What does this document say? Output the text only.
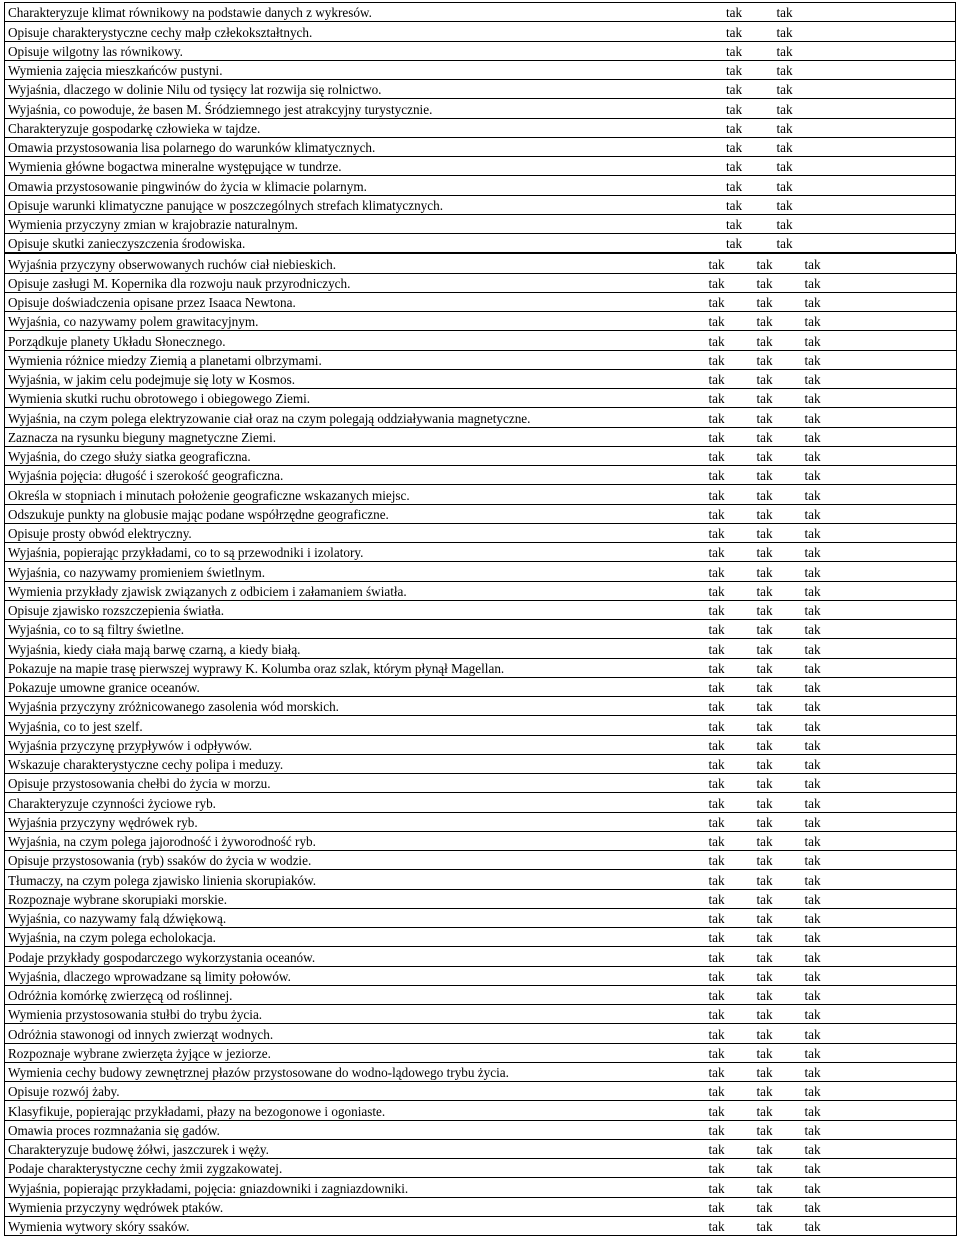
Charakteryzuje klimat równikowy na podstawie danych z wykresów.	tak	tak	
Opisuje charakterystyczne cechy małp człekokształtnych.	tak	tak	
Opisuje wilgotny las równikowy.	tak	tak	
Wymienia zajęcia mieszkańców pustyni.	tak	tak	
Wyjaśnia, dlaczego w dolinie Nilu od tysięcy lat rozwija się rolnictwo.	tak	tak	
Wyjaśnia, co powoduje, że basen M. Śródziemnego jest atrakcyjny turystycznie.	tak	tak	
Charakteryzuje gospodarkę człowieka w tajdze.	tak	tak	
Omawia przystosowania lisa polarnego do warunków klimatycznych.	tak	tak	
Wymienia główne bogactwa mineralne występujące w tundrze.	tak	tak	
Omawia przystosowanie pingwinów do życia w klimacie polarnym.	tak	tak	
Opisuje warunki klimatyczne panujące w poszczególnych strefach klimatycznych.	tak	tak	
Wymienia przyczyny zmian w krajobrazie naturalnym.	tak	tak	
Opisuje skutki zanieczyszczenia środowiska.	tak	tak	
Wyjaśnia przyczyny obserwowanych ruchów ciał niebieskich.	tak	tak	tak	
Opisuje zasługi M. Kopernika dla rozwoju nauk przyrodniczych.	tak	tak	tak	
Opisuje doświadczenia opisane przez Isaaca Newtona.	tak	tak	tak	
Wyjaśnia, co nazywamy polem grawitacyjnym.	tak	tak	tak	
Porządkuje planety Układu Słonecznego.	tak	tak	tak	
Wymienia różnice miedzy Ziemią a planetami olbrzymami.	tak	tak	tak	
Wyjaśnia, w jakim celu podejmuje się loty w Kosmos.	tak	tak	tak	
Wymienia skutki ruchu obrotowego i obiegowego Ziemi.	tak	tak	tak	
Wyjaśnia, na czym polega elektryzowanie ciał oraz na czym polegają oddziaływania magnetyczne.	tak	tak	tak	
Zaznacza na rysunku bieguny magnetyczne Ziemi.	tak	tak	tak	
Wyjaśnia, do czego służy siatka geograficzna.	tak	tak	tak	
Wyjaśnia pojęcia: długość i szerokość geograficzna.	tak	tak	tak	
Określa w stopniach i minutach położenie geograficzne wskazanych miejsc.	tak	tak	tak	
Odszukuje punkty na globusie mając podane współrzędne geograficzne.	tak	tak	tak	
Opisuje prosty obwód elektryczny.	tak	tak	tak	
Wyjaśnia, popierając przykładami, co to są przewodniki i izolatory.	tak	tak	tak	
Wyjaśnia, co nazywamy promieniem świetlnym.	tak	tak	tak	
Wymienia przykłady zjawisk związanych z odbiciem i załamaniem światła.	tak	tak	tak	
Opisuje zjawisko rozszczepienia światła.	tak	tak	tak	
Wyjaśnia, co to są filtry świetlne.	tak	tak	tak	
Wyjaśnia, kiedy ciała mają barwę czarną, a kiedy białą.	tak	tak	tak	
Pokazuje na mapie trasę pierwszej wyprawy K. Kolumba oraz szlak, którym płynął Magellan.	tak	tak	tak	
Pokazuje umowne granice oceanów.	tak	tak	tak	
Wyjaśnia przyczyny zróżnicowanego zasolenia wód morskich.	tak	tak	tak	
Wyjaśnia, co to jest szelf.	tak	tak	tak	
Wyjaśnia przyczynę przypływów i odpływów.	tak	tak	tak	
Wskazuje charakterystyczne cechy polipa i meduzy.	tak	tak	tak	
Opisuje przystosowania chełbi do życia w morzu.	tak	tak	tak	
Charakteryzuje czynności życiowe ryb.	tak	tak	tak	
Wyjaśnia przyczyny wędrówek ryb.	tak	tak	tak	
Wyjaśnia, na czym polega jajorodność i żyworodność ryb.	tak	tak	tak	
Opisuje przystosowania (ryb) ssaków do życia w wodzie.	tak	tak	tak	
Tłumaczy, na czym polega zjawisko linienia skorupiaków.	tak	tak	tak	
Rozpoznaje wybrane skorupiaki morskie.	tak	tak	tak	
Wyjaśnia, co nazywamy falą dźwiękową.	tak	tak	tak	
Wyjaśnia, na czym polega echolokacja.	tak	tak	tak	
Podaje przykłady gospodarczego wykorzystania oceanów.	tak	tak	tak	
Wyjaśnia, dlaczego wprowadzane są limity połowów.	tak	tak	tak	
Odróżnia komórkę zwierzęcą od roślinnej.	tak	tak	tak	
Wymienia przystosowania stułbi do trybu życia.	tak	tak	tak	
Odróżnia stawonogi od innych zwierząt wodnych.	tak	tak	tak	
Rozpoznaje wybrane zwierzęta żyjące w jeziorze.	tak	tak	tak	
Wymienia cechy budowy zewnętrznej płazów przystosowane do wodno-lądowego trybu życia.	tak	tak	tak	
Opisuje rozwój żaby.	tak	tak	tak	
Klasyfikuje, popierając przykładami, płazy na bezogonowe i ogoniaste.	tak	tak	tak	
Omawia proces rozmnażania się gadów.	tak	tak	tak	
Charakteryzuje budowę żółwi, jaszczurek i węży.	tak	tak	tak	
Podaje charakterystyczne cechy żmii zygzakowatej.	tak	tak	tak	
Wyjaśnia, popierając przykładami, pojęcia: gniazdowniki i zagniazdowniki.	tak	tak	tak	
Wymienia przyczyny wędrówek ptaków.	tak	tak	tak	
Wymienia wytwory skóry ssaków.	tak	tak	tak	
